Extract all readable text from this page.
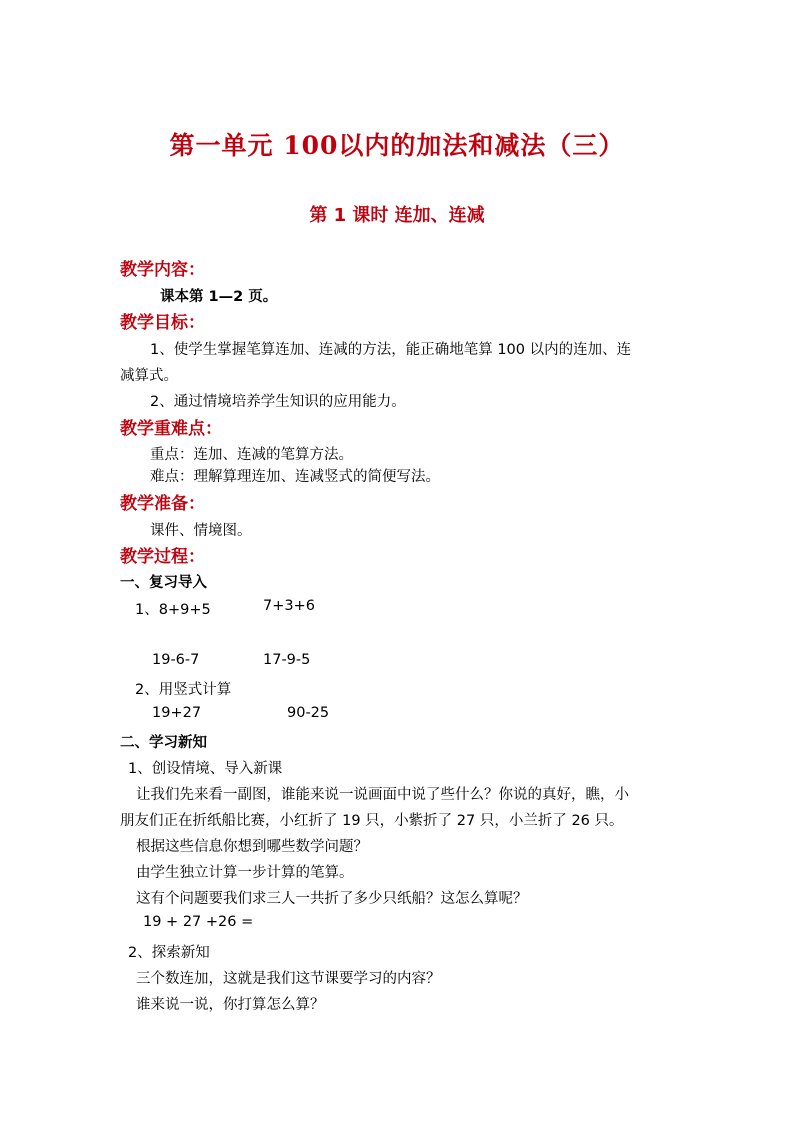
第一单元 100以内的加法和减法（三）
第 1 课时 连加、连减
教学内容：
课本第 1—2 页。
教学目标：
1、使学生掌握笔算连加、连减的方法，能正确地笔算 100 以内的连加、连
减算式。
2、通过情境培养学生知识的应用能力。
教学重难点：
重点：连加、连减的笔算方法。
难点：理解算理连加、连减竖式的简便写法。
教学准备：
课件、情境图。
教学过程：
一、复习导入
1、8+9+5	7+3+6
19-6-7	17-9-5
2、用竖式计算
19+27	90-25
二、学习新知
1、创设情境、导入新课
让我们先来看一副图，谁能来说一说画面中说了些什么？你说的真好，瞧，小
朋友们正在折纸船比赛，小红折了 19 只，小紫折了 27 只，小兰折了 26 只。
根据这些信息你想到哪些数学问题？
由学生独立计算一步计算的笔算。
这有个问题要我们求三人一共折了多少只纸船？这怎么算呢？
19 + 27 +26 =
2、探索新知
三个数连加，这就是我们这节课要学习的内容？
谁来说一说，你打算怎么算？
